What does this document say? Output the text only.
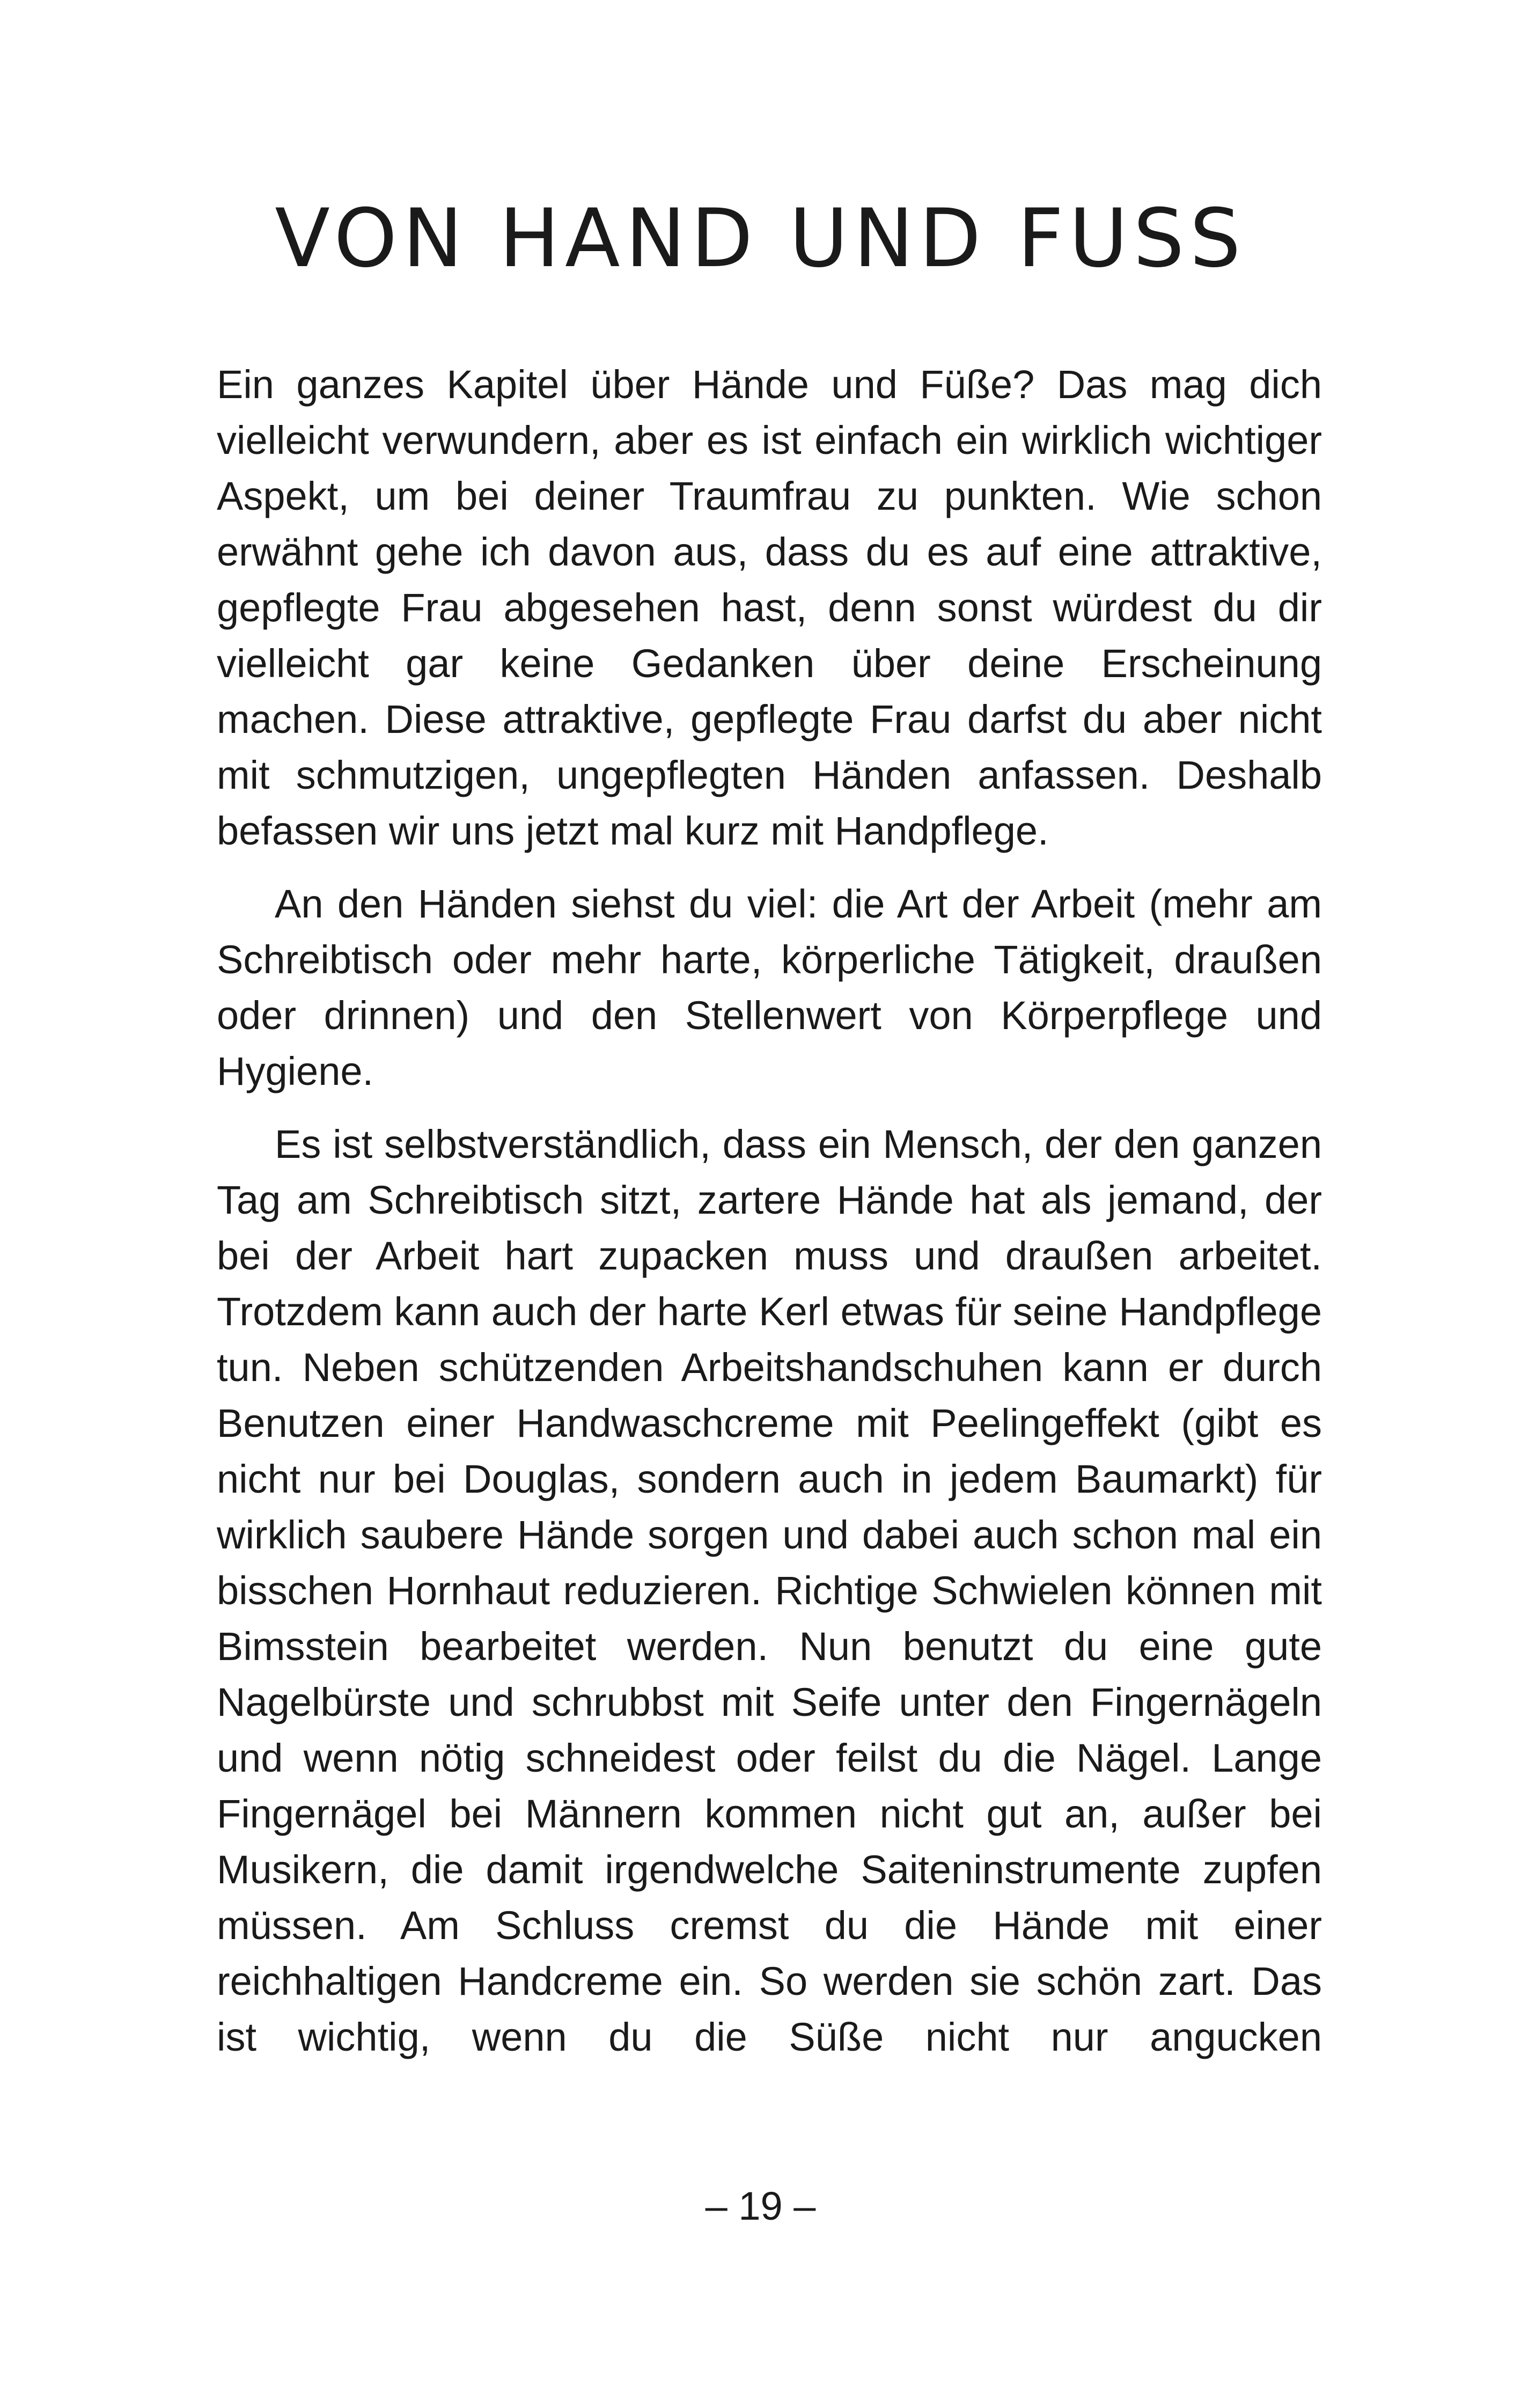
VON HAND UND FUSS

Ein ganzes Kapitel über Hände und Füße? Das mag dich vielleicht verwundern, aber es ist einfach ein wirklich wichtiger Aspekt, um bei deiner Traumfrau zu punkten. Wie schon erwähnt gehe ich davon aus, dass du es auf eine attraktive, gepflegte Frau abgesehen hast, denn sonst würdest du dir vielleicht gar keine Gedanken über deine Erscheinung machen. Diese attraktive, gepflegte Frau darfst du aber nicht mit schmutzigen, ungepflegten Händen anfassen. Deshalb befassen wir uns jetzt mal kurz mit Handpflege.

An den Händen siehst du viel: die Art der Arbeit (mehr am Schreibtisch oder mehr harte, körperliche Tätigkeit, draußen oder drinnen) und den Stellenwert von Körperpflege und Hygiene.

Es ist selbstverständlich, dass ein Mensch, der den ganzen Tag am Schreibtisch sitzt, zartere Hände hat als jemand, der bei der Arbeit hart zupacken muss und draußen arbeitet. Trotzdem kann auch der harte Kerl etwas für seine Handpflege tun. Neben schützenden Arbeitshandschuhen kann er durch Benutzen einer Handwaschcreme mit Peelingeffekt (gibt es nicht nur bei Douglas, sondern auch in jedem Baumarkt) für wirklich saubere Hände sorgen und dabei auch schon mal ein bisschen Hornhaut reduzieren. Richtige Schwielen können mit Bimsstein bearbeitet werden. Nun benutzt du eine gute Nagelbürste und schrubbst mit Seife unter den Fingernägeln und wenn nötig schneidest oder feilst du die Nägel. Lange Fingernägel bei Männern kommen nicht gut an, außer bei Musikern, die damit irgendwelche Saiteninstrumente zupfen müssen. Am Schluss cremst du die Hände mit einer reichhaltigen Handcreme ein. So werden sie schön zart. Das ist wichtig, wenn du die Süße nicht nur angucken

– 19 –
